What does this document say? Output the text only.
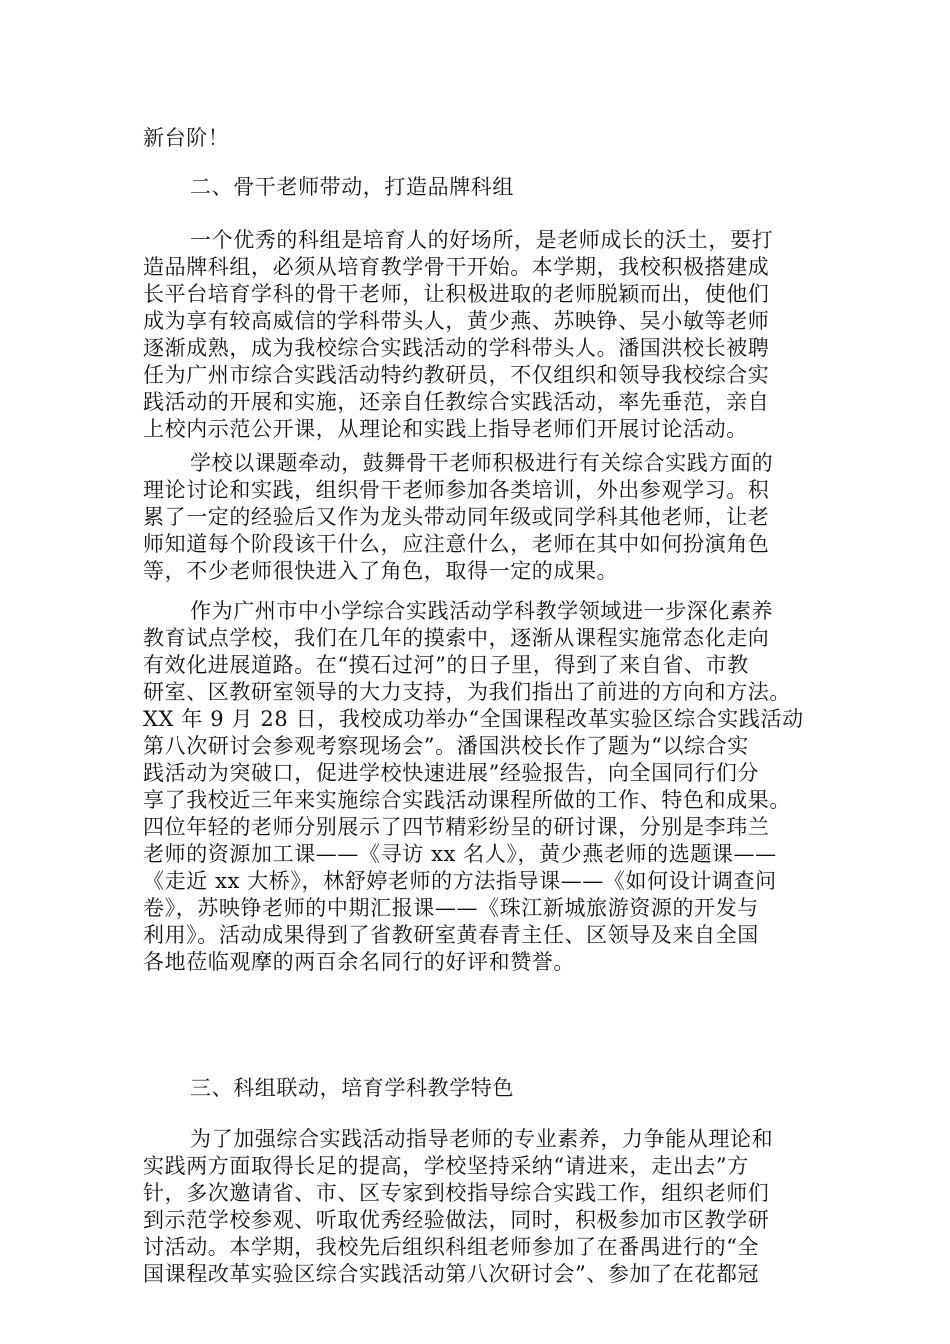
新台阶！
二、骨干老师带动，打造品牌科组
一个优秀的科组是培育人的好场所，是老师成长的沃土，要打
造品牌科组，必须从培育教学骨干开始。本学期，我校积极搭建成
长平台培育学科的骨干老师，让积极进取的老师脱颖而出，使他们
成为享有较高威信的学科带头人，黄少燕、苏映铮、吴小敏等老师
逐渐成熟，成为我校综合实践活动的学科带头人。潘国洪校长被聘
任为广州市综合实践活动特约教研员，不仅组织和领导我校综合实
践活动的开展和实施，还亲自任教综合实践活动，率先垂范，亲自
上校内示范公开课，从理论和实践上指导老师们开展讨论活动。
学校以课题牵动，鼓舞骨干老师积极进行有关综合实践方面的
理论讨论和实践，组织骨干老师参加各类培训，外出参观学习。积
累了一定的经验后又作为龙头带动同年级或同学科其他老师，让老
师知道每个阶段该干什么，应注意什么，老师在其中如何扮演角色
等，不少老师很快进入了角色，取得一定的成果。
作为广州市中小学综合实践活动学科教学领域进一步深化素养
教育试点学校，我们在几年的摸索中，逐渐从课程实施常态化走向
有效化进展道路。在“摸石过河”的日子里，得到了来自省、市教
研室、区教研室领导的大力支持，为我们指出了前进的方向和方法。
XX 年 9 月 28 日，我校成功举办“全国课程改革实验区综合实践活动
第八次研讨会参观考察现场会”。潘国洪校长作了题为“以综合实
践活动为突破口，促进学校快速进展”经验报告，向全国同行们分
享了我校近三年来实施综合实践活动课程所做的工作、特色和成果。
四位年轻的老师分别展示了四节精彩纷呈的研讨课，分别是李玮兰
老师的资源加工课——《寻访 xx 名人》，黄少燕老师的选题课——
《走近 xx 大桥》，林舒婷老师的方法指导课——《如何设计调查问
卷》，苏映铮老师的中期汇报课——《珠江新城旅游资源的开发与
利用》。活动成果得到了省教研室黄春青主任、区领导及来自全国
各地莅临观摩的两百余名同行的好评和赞誉。
三、科组联动，培育学科教学特色
为了加强综合实践活动指导老师的专业素养，力争能从理论和
实践两方面取得长足的提高，学校坚持采纳“请进来，走出去”方
针，多次邀请省、市、区专家到校指导综合实践工作，组织老师们
到示范学校参观、听取优秀经验做法，同时，积极参加市区教学研
讨活动。本学期，我校先后组织科组老师参加了在番禺进行的“全
国课程改革实验区综合实践活动第八次研讨会”、参加了在花都冠
